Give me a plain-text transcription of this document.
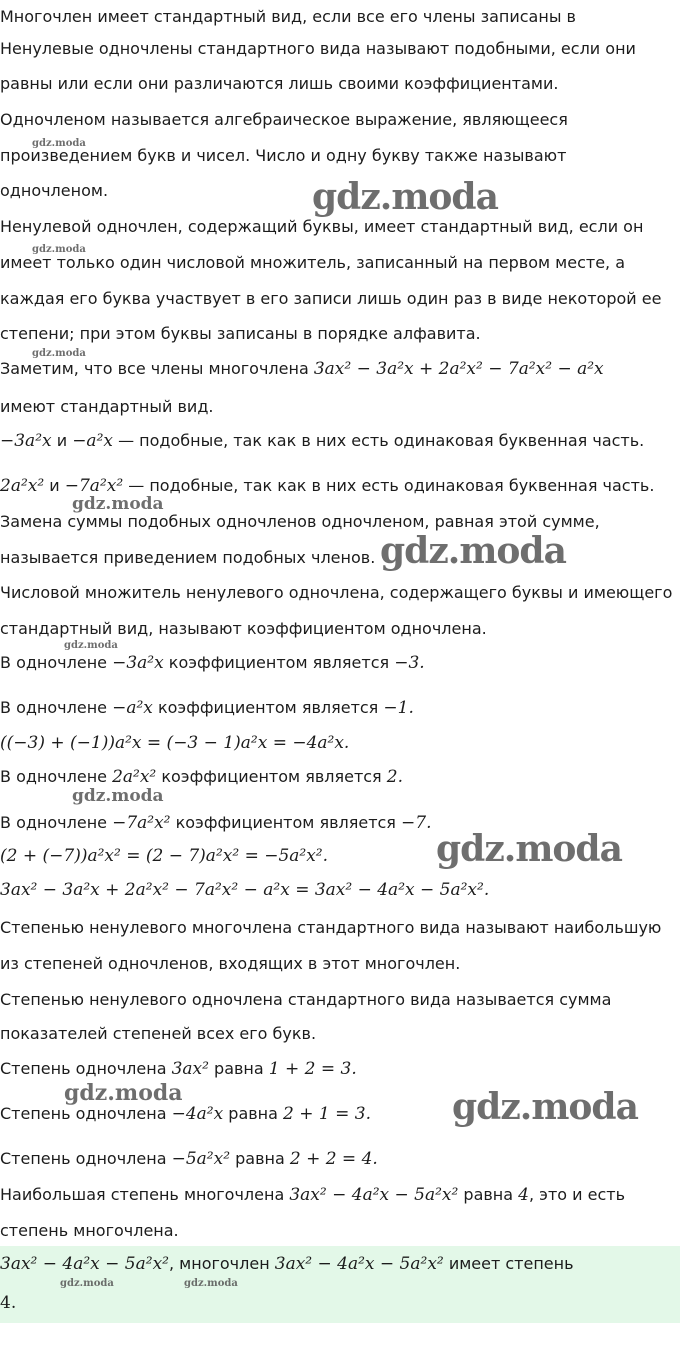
gdz.moda
gdz.moda
gdz.moda
gdz.moda
gdz.moda
gdz.moda
gdz.moda
gdz.moda
gdz.moda
gdz.moda	gdz.moda
Многочлен имеет стандартный вид, если все его члены записаны в
Ненулевые одночлены стандартного вида называют подобными, если они
равны или если они различаются лишь своими коэффициентами.
Одночленом называется алгебраическое выражение, являющееся
произведением букв и чисел. Число и одну букву также называют
одночленом.
Ненулевой одночлен, содержащий буквы, имеет стандартный вид, если он
имеет только один числовой множитель, записанный на первом месте, а
каждая его буква участвует в его записи лишь один раз в виде некоторой ее
степени; при этом буквы записаны в порядке алфавита.
Заметим, что все члены многочлена 3ax² − 3a²x + 2a²x² − 7a²x² − a²x
имеют стандартный вид.
−3a²x и −a²x — подобные, так как в них есть одинаковая буквенная часть.
2a²x² и −7a²x² — подобные, так как в них есть одинаковая буквенная часть.
Замена суммы подобных одночленов одночленом, равная этой сумме,
называется приведением подобных членов.
Числовой множитель ненулевого одночлена, содержащего буквы и имеющего
стандартный вид, называют коэффициентом одночлена.
В одночлене −3a²x коэффициентом является −3.
В одночлене −a²x коэффициентом является −1.
((−3) + (−1))a²x = (−3 − 1)a²x = −4a²x.
В одночлене 2a²x² коэффициентом является 2.
В одночлене −7a²x² коэффициентом является −7.
(2 + (−7))a²x² = (2 − 7)a²x² = −5a²x².
3ax² − 3a²x + 2a²x² − 7a²x² − a²x = 3ax² − 4a²x − 5a²x².
Степенью ненулевого многочлена стандартного вида называют наибольшую
из степеней одночленов, входящих в этот многочлен.
Степенью ненулевого одночлена стандартного вида называется сумма
показателей степеней всех его букв.
Степень одночлена 3ax² равна 1 + 2 = 3.
Степень одночлена −4a²x равна 2 + 1 = 3.
Степень одночлена −5a²x² равна 2 + 2 = 4.
Наибольшая степень многочлена 3ax² − 4a²x − 5a²x² равна 4, это и есть
степень многочлена.
3ax² − 4a²x − 5a²x², многочлен 3ax² − 4a²x − 5a²x² имеет степень
4.
gdz.moda	gdz.moda
